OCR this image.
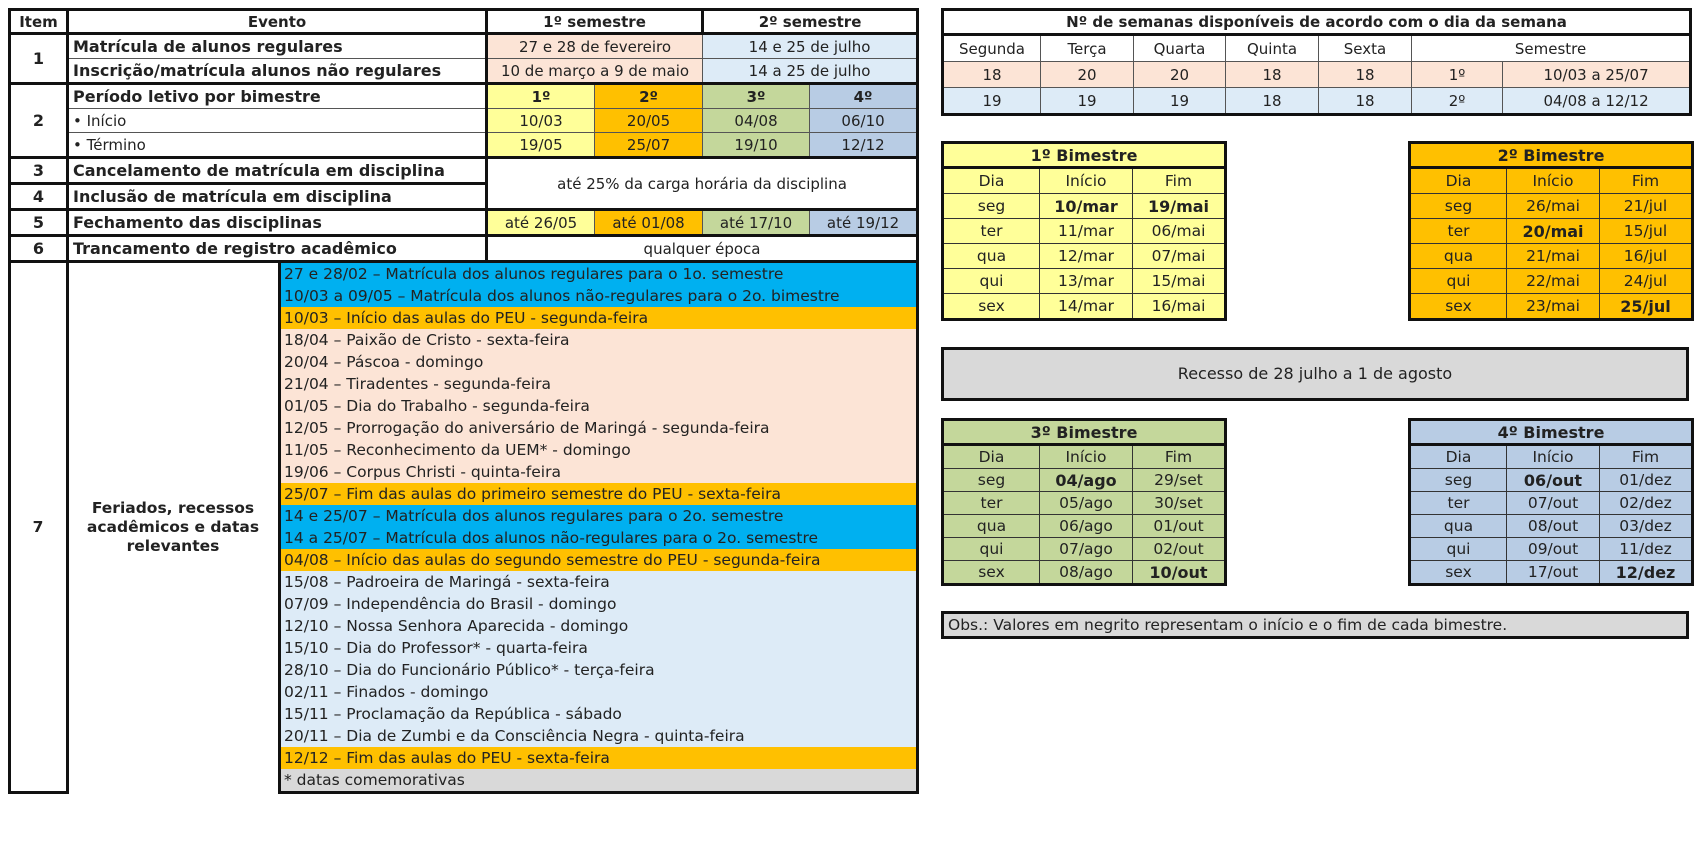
Item	Evento		1º semestre		2º semestre	
1	Matrícula de alunos regulares		27 e 28 de fevereiro		14 e 25 de julho	
	Inscrição/matrícula alunos não regulares		10 de março a 9 de maio		14 a 25 de julho	
2	Período letivo por bimestre		1º	2º	3º	4º
	• Início		10/03	20/05	04/08	06/10
	• Término		19/05	25/07	19/10	12/12
3	Cancelamento de matrícula em disciplina		até 25% da carga horária da disciplina			
4	Inclusão de matrícula em disciplina					
5	Fechamento das disciplinas		até 26/05	até 01/08	até 17/10	até 19/12
6	Trancamento de registro acadêmico		qualquer época			
7	Feriados, recessos acadêmicos e datas relevantes	27 e 28/02 – Matrícula dos alunos regulares para o 1o. semestre				
		10/03 a 09/05 – Matrícula dos alunos não-regulares para o 2o. bimestre				
		10/03 – Início das aulas do PEU - segunda-feira				
		18/04 – Paixão de Cristo - sexta-feira				
		20/04 – Páscoa - domingo				
		21/04 – Tiradentes - segunda-feira				
		01/05 – Dia do Trabalho - segunda-feira				
		12/05 – Prorrogação do aniversário de Maringá - segunda-feira				
		11/05 – Reconhecimento da UEM* - domingo				
		19/06 – Corpus Christi - quinta-feira				
		25/07 – Fim das aulas do primeiro semestre do PEU - sexta-feira				
		14 e 25/07 – Matrícula dos alunos regulares para o 2o. semestre				
		14 a 25/07 – Matrícula dos alunos não-regulares para o 2o. semestre				
		04/08 – Início das aulas do segundo semestre do PEU - segunda-feira				
		15/08 – Padroeira de Maringá - sexta-feira				
		07/09 – Independência do Brasil - domingo				
		12/10 – Nossa Senhora Aparecida - domingo				
		15/10 – Dia do Professor* - quarta-feira				
		28/10 – Dia do Funcionário Público* - terça-feira				
		02/11 – Finados - domingo				
		15/11 – Proclamação da República - sábado				
		20/11 – Dia de Zumbi e da Consciência Negra - quinta-feira				
		12/12 – Fim das aulas do PEU - sexta-feira				
		* datas comemorativas				
Nº de semanas disponíveis de acordo com o dia da semana						
Segunda	Terça	Quarta	Quinta	Sexta	Semestre	
18	20	20	18	18	1º	10/03 a 25/07
19	19	19	18	18	2º	04/08 a 12/12
1º Bimestre		
Dia	Início	Fim
seg	10/mar	19/mai
ter	11/mar	06/mai
qua	12/mar	07/mai
qui	13/mar	15/mai
sex	14/mar	16/mai
2º Bimestre		
Dia	Início	Fim
seg	26/mai	21/jul
ter	20/mai	15/jul
qua	21/mai	16/jul
qui	22/mai	24/jul
sex	23/mai	25/jul
Recesso de 28 julho a 1 de agosto
3º Bimestre		
Dia	Início	Fim
seg	04/ago	29/set
ter	05/ago	30/set
qua	06/ago	01/out
qui	07/ago	02/out
sex	08/ago	10/out
4º Bimestre		
Dia	Início	Fim
seg	06/out	01/dez
ter	07/out	02/dez
qua	08/out	03/dez
qui	09/out	11/dez
sex	17/out	12/dez
Obs.: Valores em negrito representam o início e o fim de cada bimestre.
